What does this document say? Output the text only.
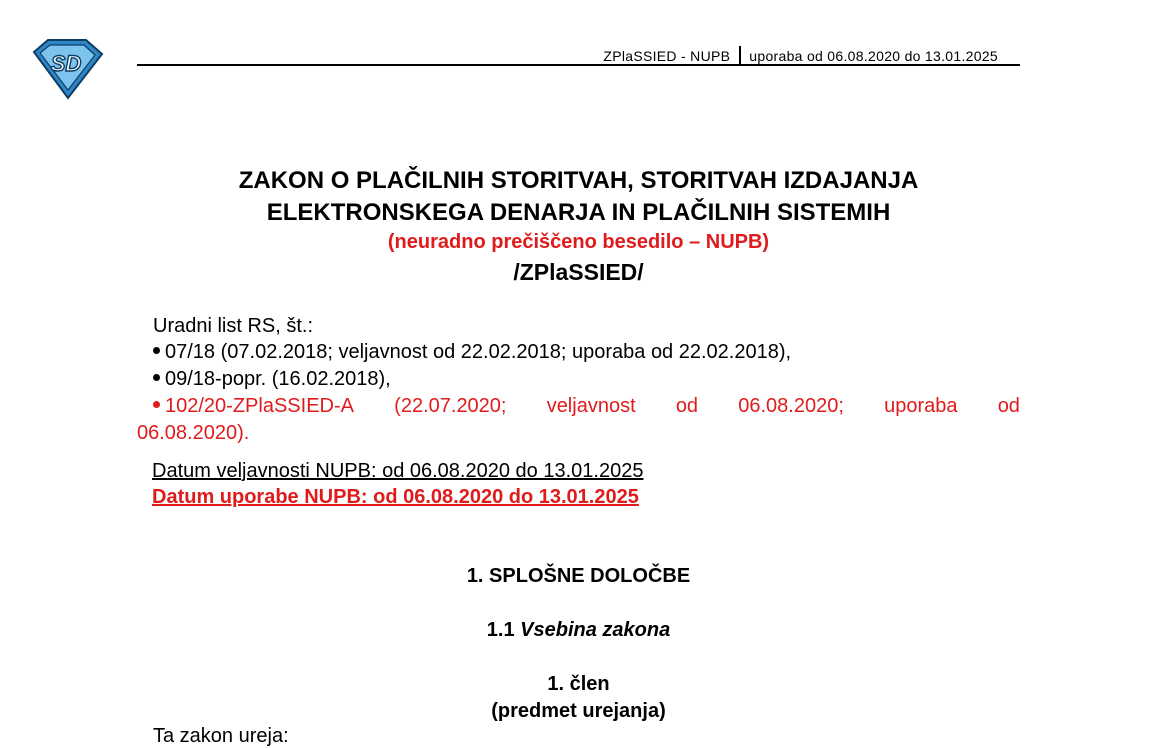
SD	ZPlaSSIED - NUPB uporaba od 06.08.2020 do 13.01.2025
ZAKON O PLAČILNIH STORITVAH, STORITVAH IZDAJANJA
ELEKTRONSKEGA DENARJA IN PLAČILNIH SISTEMIH
(neuradno prečiščeno besedilo – NUPB)
/ZPlaSSIED/
Uradni list RS, št.:
07/18 (07.02.2018; veljavnost od 22.02.2018; uporaba od 22.02.2018),
09/18-popr. (16.02.2018),
102/20-ZPlaSSIED-A (22.07.2020; veljavnost od 06.08.2020; uporaba od
06.08.2020).
Datum veljavnosti NUPB: od 06.08.2020 do 13.01.2025
Datum uporabe NUPB: od 06.08.2020 do 13.01.2025
1. SPLOŠNE DOLOČBE
1.1 Vsebina zakona
1. člen
(predmet urejanja)
Ta zakon ureja:
